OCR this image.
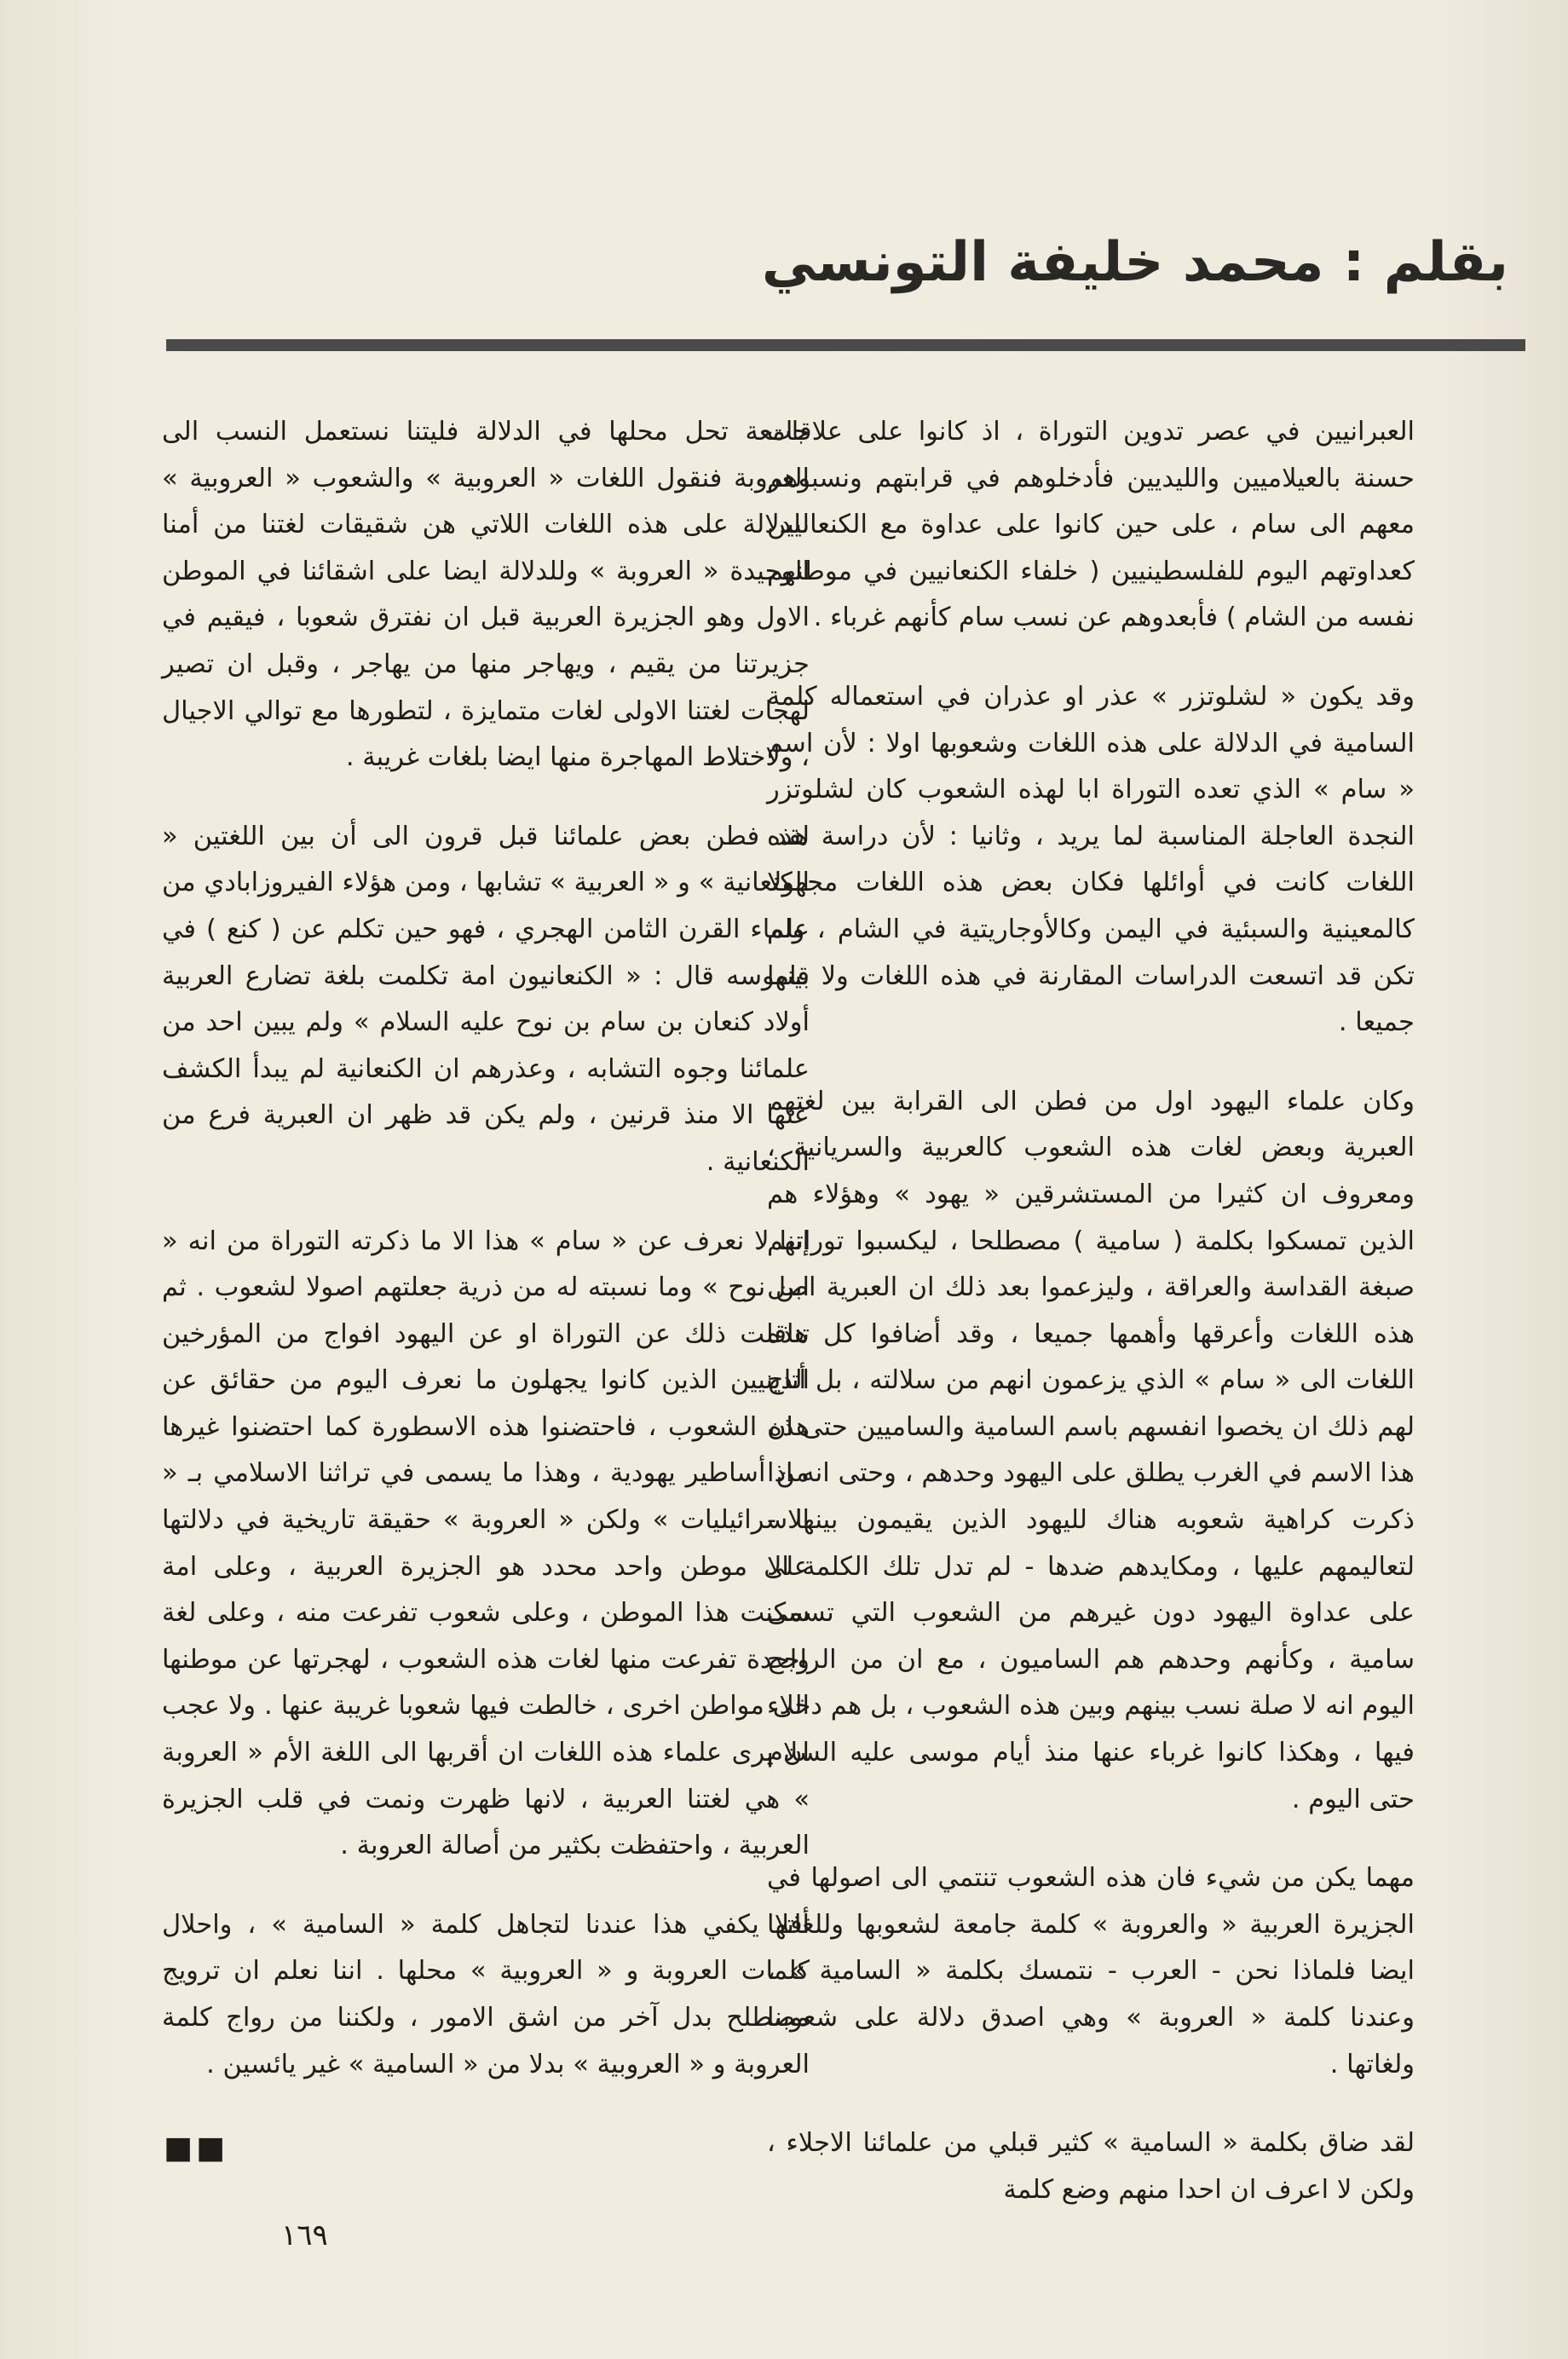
بقلم : محمد خليفة التونسي

العبرانيين في عصر تدوين التوراة ، اذ كانوا على علاقات حسنة بالعيلاميين والليديين فأدخلوهم في قرابتهم ونسبوهم معهم الى سام ، على حين كانوا على عداوة مع الكنعانيين كعداوتهم اليوم للفلسطينيين ( خلفاء الكنعانيين في موطنهم نفسه من الشام ) فأبعدوهم عن نسب سام كأنهم غرباء .

وقد يكون « لشلوتزر » عذر او عذران في استعماله كلمة السامية في الدلالة على هذه اللغات وشعوبها اولا : لأن اسم « سام » الذي تعده التوراة ابا لهذه الشعوب كان لشلوتزر النجدة العاجلة المناسبة لما يريد ، وثانيا : لأن دراسة هذه اللغات كانت في أوائلها فكان بعض هذه اللغات مجهولا كالمعينية والسبئية في اليمن وكالأوجاريتية في الشام ، ولم تكن قد اتسعت الدراسات المقارنة في هذه اللغات ولا بينها جميعا .

وكان علماء اليهود اول من فطن الى القرابة بين لغتهم العبرية وبعض لغات هذه الشعوب كالعربية والسريانية ، ومعروف ان كثيرا من المستشرقين « يهود » وهؤلاء هم الذين تمسكوا بكلمة ( سامية ) مصطلحا ، ليكسبوا توراتهم صبغة القداسة والعراقة ، وليزعموا بعد ذلك ان العبرية اصل هذه اللغات وأعرقها وأهمها جميعا ، وقد أضافوا كل هذه اللغات الى « سام » الذي يزعمون انهم من سلالته ، بل أتاح لهم ذلك ان يخصوا انفسهم باسم السامية والساميين حتى ان هذا الاسم في الغرب يطلق على اليهود وحدهم ، وحتى انه اذا ذكرت كراهية شعوبه هناك لليهود الذين يقيمون بينها - لتعاليمهم عليها ، ومكايدهم ضدها - لم تدل تلك الكلمة الا على عداوة اليهود دون غيرهم من الشعوب التي تسمى سامية ، وكأنهم وحدهم هم الساميون ، مع ان من الراجح اليوم انه لا صلة نسب بينهم وبين هذه الشعوب ، بل هم دخلاء فيها ، وهكذا كانوا غرباء عنها منذ أيام موسى عليه السلام حتى اليوم .

مهما يكن من شيء فان هذه الشعوب تنتمي الى اصولها في الجزيرة العربية « والعروبة » كلمة جامعة لشعوبها وللغاتها ايضا فلماذا نحن - العرب - نتمسك بكلمة « السامية » ، وعندنا كلمة « العروبة » وهي اصدق دلالة على شعوبنا ولغاتها .

لقد ضاق بكلمة « السامية » كثير قبلي من علمائنا الاجلاء ، ولكن لا اعرف ان احدا منهم وضع كلمة

جامعة تحل محلها في الدلالة فليتنا نستعمل النسب الى العروبة فنقول اللغات « العروبية » والشعوب « العروبية » للدلالة على هذه اللغات اللاتي هن شقيقات لغتنا من أمنا الوحيدة « العروبة » وللدلالة ايضا على اشقائنا في الموطن الاول وهو الجزيرة العربية قبل ان نفترق شعوبا ، فيقيم في جزيرتنا من يقيم ، ويهاجر منها من يهاجر ، وقبل ان تصير لهجات لغتنا الاولى لغات متمايزة ، لتطورها مع توالي الاجيال ، ولاختلاط المهاجرة منها ايضا بلغات غريبة .

لقد فطن بعض علمائنا قبل قرون الى أن بين اللغتين « الكنعانية » و « العربية » تشابها ، ومن هؤلاء الفيروزابادي من علماء القرن الثامن الهجري ، فهو حين تكلم عن ( كنع ) في قاموسه قال : « الكنعانيون امة تكلمت بلغة تضارع العربية أولاد كنعان بن سام بن نوح عليه السلام » ولم يبين احد من علمائنا وجوه التشابه ، وعذرهم ان الكنعانية لم يبدأ الكشف عنها الا منذ قرنين ، ولم يكن قد ظهر ان العبرية فرع من الكنعانية .

إننا لا نعرف عن « سام » هذا الا ما ذكرته التوراة من انه « ابن نوح » وما نسبته له من ذرية جعلتهم اصولا لشعوب . ثم تناقلت ذلك عن التوراة او عن اليهود افواج من المؤرخين الدينيين الذين كانوا يجهلون ما نعرف اليوم من حقائق عن هذه الشعوب ، فاحتضنوا هذه الاسطورة كما احتضنوا غيرها من أساطير يهودية ، وهذا ما يسمى في تراثنا الاسلامي بـ « الاسرائيليات » ولكن « العروبة » حقيقة تاريخية في دلالتها على موطن واحد محدد هو الجزيرة العربية ، وعلى امة سكنت هذا الموطن ، وعلى شعوب تفرعت منه ، وعلى لغة واحدة تفرعت منها لغات هذه الشعوب ، لهجرتها عن موطنها الى مواطن اخرى ، خالطت فيها شعوبا غريبة عنها . ولا عجب ان يرى علماء هذه اللغات ان أقربها الى اللغة الأم « العروبة » هي لغتنا العربية ، لانها ظهرت ونمت في قلب الجزيرة العربية ، واحتفظت بكثير من أصالة العروبة .

أفلا يكفي هذا عندنا لتجاهل كلمة « السامية » ، واحلال كلمات العروبة و « العروبية » محلها . اننا نعلم ان ترويج مصطلح بدل آخر من اشق الامور ، ولكننا من رواج كلمة العروبة و « العروبية » بدلا من « السامية » غير يائسين .

■■
١٦٩
